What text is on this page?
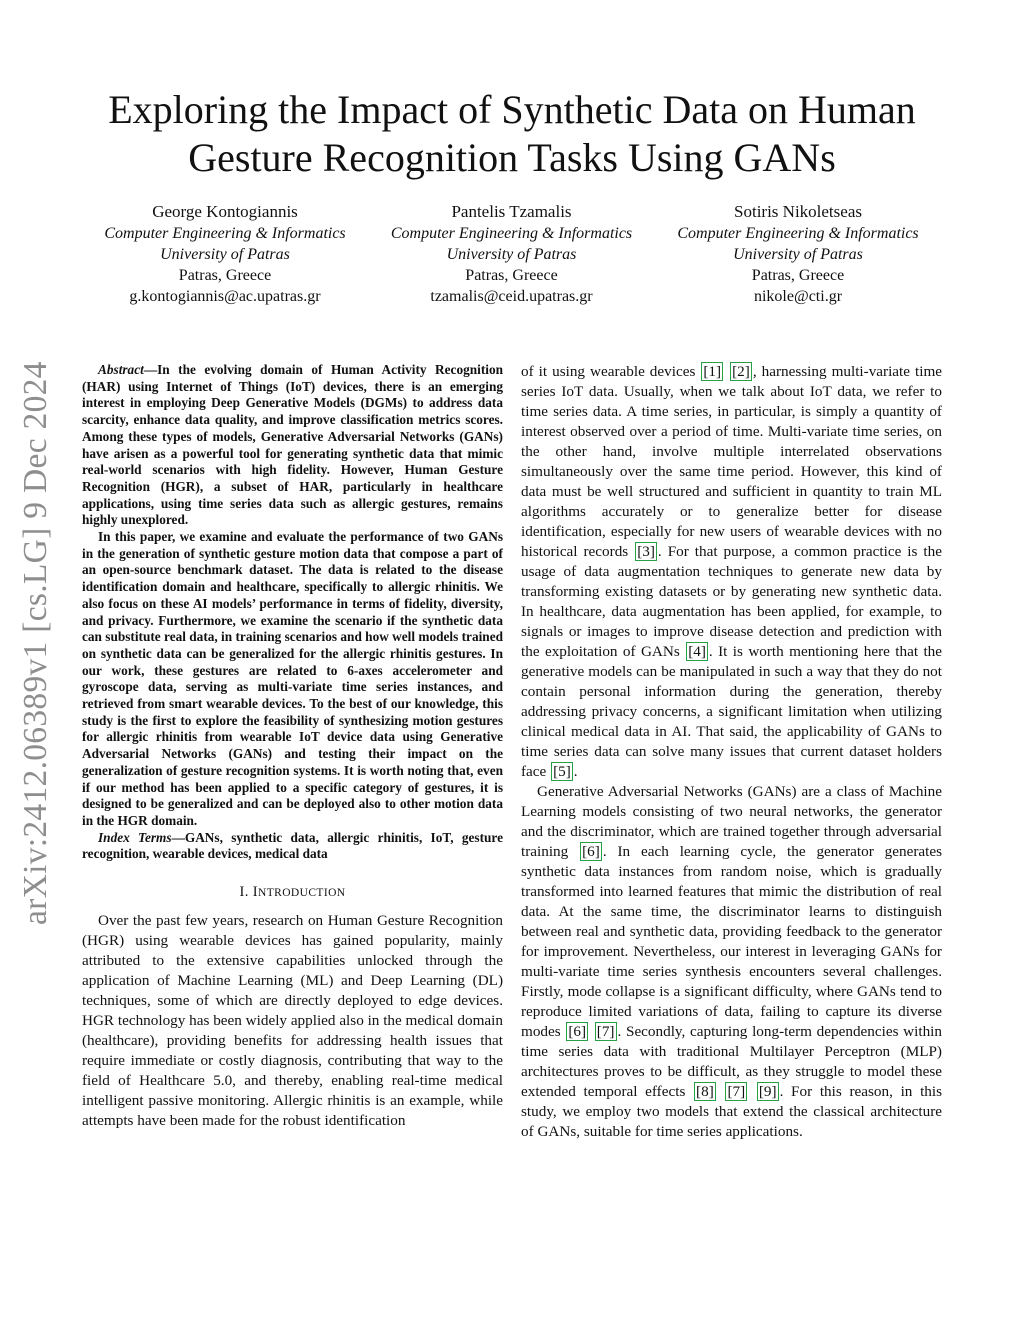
arXiv:2412.06389v1 [cs.LG] 9 Dec 2024
Exploring the Impact of Synthetic Data on Human Gesture Recognition Tasks Using GANs
George Kontogiannis
Computer Engineering & Informatics
University of Patras
Patras, Greece
g.kontogiannis@ac.upatras.gr
Pantelis Tzamalis
Computer Engineering & Informatics
University of Patras
Patras, Greece
tzamalis@ceid.upatras.gr
Sotiris Nikoletseas
Computer Engineering & Informatics
University of Patras
Patras, Greece
nikole@cti.gr

Abstract—In the evolving domain of Human Activity Recognition (HAR) using Internet of Things (IoT) devices, there is an emerging interest in employing Deep Generative Models (DGMs) to address data scarcity, enhance data quality, and improve classification metrics scores. Among these types of models, Generative Adversarial Networks (GANs) have arisen as a powerful tool for generating synthetic data that mimic real-world scenarios with high fidelity. However, Human Gesture Recognition (HGR), a subset of HAR, particularly in healthcare applications, using time series data such as allergic gestures, remains highly unexplored.

In this paper, we examine and evaluate the performance of two GANs in the generation of synthetic gesture motion data that compose a part of an open-source benchmark dataset. The data is related to the disease identification domain and healthcare, specifically to allergic rhinitis. We also focus on these AI models’ performance in terms of fidelity, diversity, and privacy. Furthermore, we examine the scenario if the synthetic data can substitute real data, in training scenarios and how well models trained on synthetic data can be generalized for the allergic rhinitis gestures. In our work, these gestures are related to 6-axes accelerometer and gyroscope data, serving as multi-variate time series instances, and retrieved from smart wearable devices. To the best of our knowledge, this study is the first to explore the feasibility of synthesizing motion gestures for allergic rhinitis from wearable IoT device data using Generative Adversarial Networks (GANs) and testing their impact on the generalization of gesture recognition systems. It is worth noting that, even if our method has been applied to a specific category of gestures, it is designed to be generalized and can be deployed also to other motion data in the HGR domain.

Index Terms—GANs, synthetic data, allergic rhinitis, IoT, gesture recognition, wearable devices, medical data

I. INTRODUCTION

Over the past few years, research on Human Gesture Recognition (HGR) using wearable devices has gained popularity, mainly attributed to the extensive capabilities unlocked through the application of Machine Learning (ML) and Deep Learning (DL) techniques, some of which are directly deployed to edge devices. HGR technology has been widely applied also in the medical domain (healthcare), providing benefits for addressing health issues that require immediate or costly diagnosis, contributing that way to the field of Healthcare 5.0, and thereby, enabling real-time medical intelligent passive monitoring. Allergic rhinitis is an example, while attempts have been made for the robust identification

of it using wearable devices [1] [2] , harnessing multi-variate time series IoT data. Usually, when we talk about IoT data, we refer to time series data. A time series, in particular, is simply a quantity of interest observed over a period of time. Multi-variate time series, on the other hand, involve multiple interrelated observations simultaneously over the same time period. However, this kind of data must be well structured and sufficient in quantity to train ML algorithms accurately or to generalize better for disease identification, especially for new users of wearable devices with no historical records [3] . For that purpose, a common practice is the usage of data augmentation techniques to generate new data by transforming existing datasets or by generating new synthetic data. In healthcare, data augmentation has been applied, for example, to signals or images to improve disease detection and prediction with the exploitation of GANs [4] . It is worth mentioning here that the generative models can be manipulated in such a way that they do not contain personal information during the generation, thereby addressing privacy concerns, a significant limitation when utilizing clinical medical data in AI. That said, the applicability of GANs to time series data can solve many issues that current dataset holders face [5] .

Generative Adversarial Networks (GANs) are a class of Machine Learning models consisting of two neural networks, the generator and the discriminator, which are trained together through adversarial training [6] . In each learning cycle, the generator generates synthetic data instances from random noise, which is gradually transformed into learned features that mimic the distribution of real data. At the same time, the discriminator learns to distinguish between real and synthetic data, providing feedback to the generator for improvement. Nevertheless, our interest in leveraging GANs for multi-variate time series synthesis encounters several challenges. Firstly, mode collapse is a significant difficulty, where GANs tend to reproduce limited variations of data, failing to capture its diverse modes [6] [7] . Secondly, capturing long-term dependencies within time series data with traditional Multilayer Perceptron (MLP) architectures proves to be difficult, as they struggle to model these extended temporal effects [8] [7] [9] . For this reason, in this study, we employ two models that extend the classical architecture of GANs, suitable for time series applications.
